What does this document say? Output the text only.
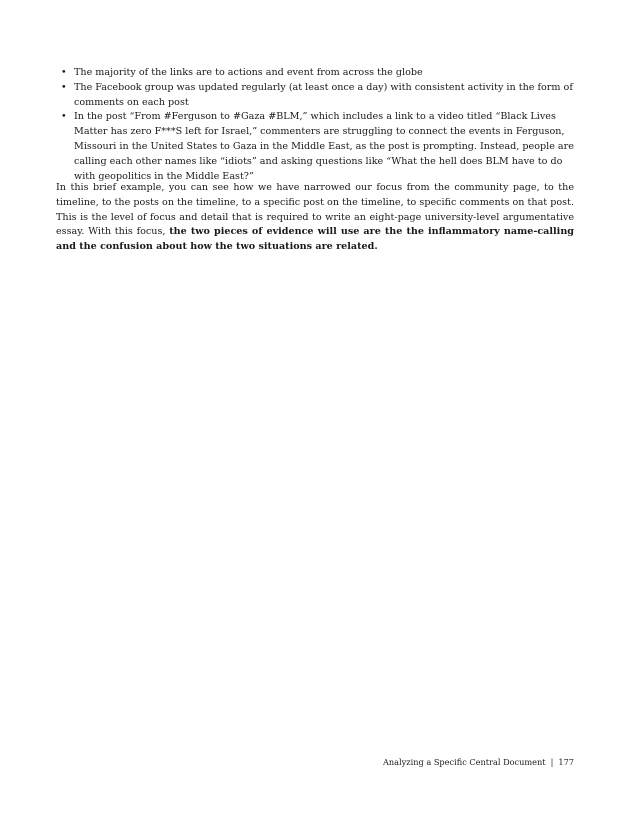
• The majority of the links are to actions and event from across the globe
• The Facebook group was updated regularly (at least once a day) with consistent activity in the form of comments on each post
• In the post “From #Ferguson to #Gaza #BLM,” which includes a link to a video titled “Black Lives Matter has zero F***S left for Israel,” commenters are struggling to connect the events in Ferguson, Missouri in the United States to Gaza in the Middle East, as the post is prompting. Instead, people are calling each other names like “idiots” and asking questions like “What the hell does BLM have to do with geopolitics in the Middle East?”

In this brief example, you can see how we have narrowed our focus from the community page, to the timeline, to the posts on the timeline, to a specific post on the timeline, to specific comments on that post. This is the level of focus and detail that is required to write an eight-page university-level argumentative essay. With this focus, the two pieces of evidence will use are the the inflammatory name-calling and the confusion about how the two situations are related.

Analyzing a Specific Central Document | 177
